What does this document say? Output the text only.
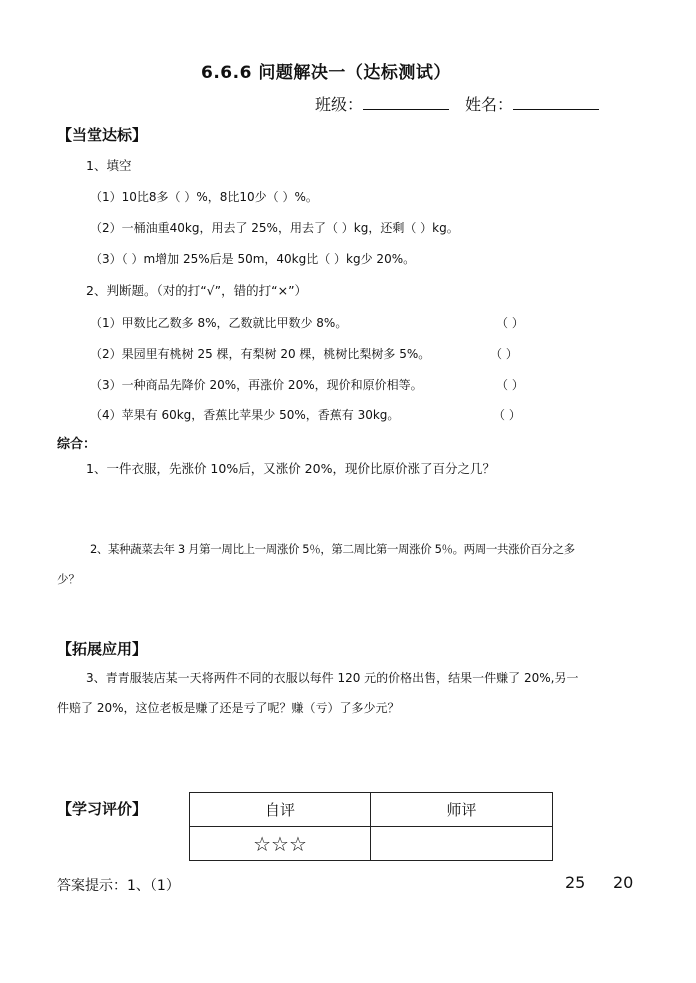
6.6.6 问题解决一（达标测试）
班级：	姓名：
【当堂达标】
1、填空
（1）10比8多（ ）%，8比10少（ ）%。
（2）一桶油重40kg，用去了 25%，用去了（ ）kg，还剩（ ）kg。
（3）（ ）m增加 25%后是 50m，40kg比（ ）kg少 20%。
2、判断题。（对的打“√”，错的打“×”）
（1）甲数比乙数多 8%，乙数就比甲数少 8%。	（ ）
（2）果园里有桃树 25 棵，有梨树 20 棵，桃树比梨树多 5%。	（ ）
（3）一种商品先降价 20%，再涨价 20%，现价和原价相等。	（ ）
（4）苹果有 60kg，香蕉比苹果少 50%，香蕉有 30kg。	（ ）
综合：
1、一件衣服，先涨价 10%后，又涨价 20%，现价比原价涨了百分之几？
2、某种蔬菜去年 3 月第一周比上一周涨价 5％，第二周比第一周涨价 5％。两周一共涨价百分之多
少？
【拓展应用】
3、青青服装店某一天将两件不同的衣服以每件 120 元的价格出售，结果一件赚了 20%,另一
件赔了 20%，这位老板是赚了还是亏了呢？赚（亏）了多少元？
【学习评价】	自评	师评
☆☆☆	
答案提示：1、（1）	25 20
